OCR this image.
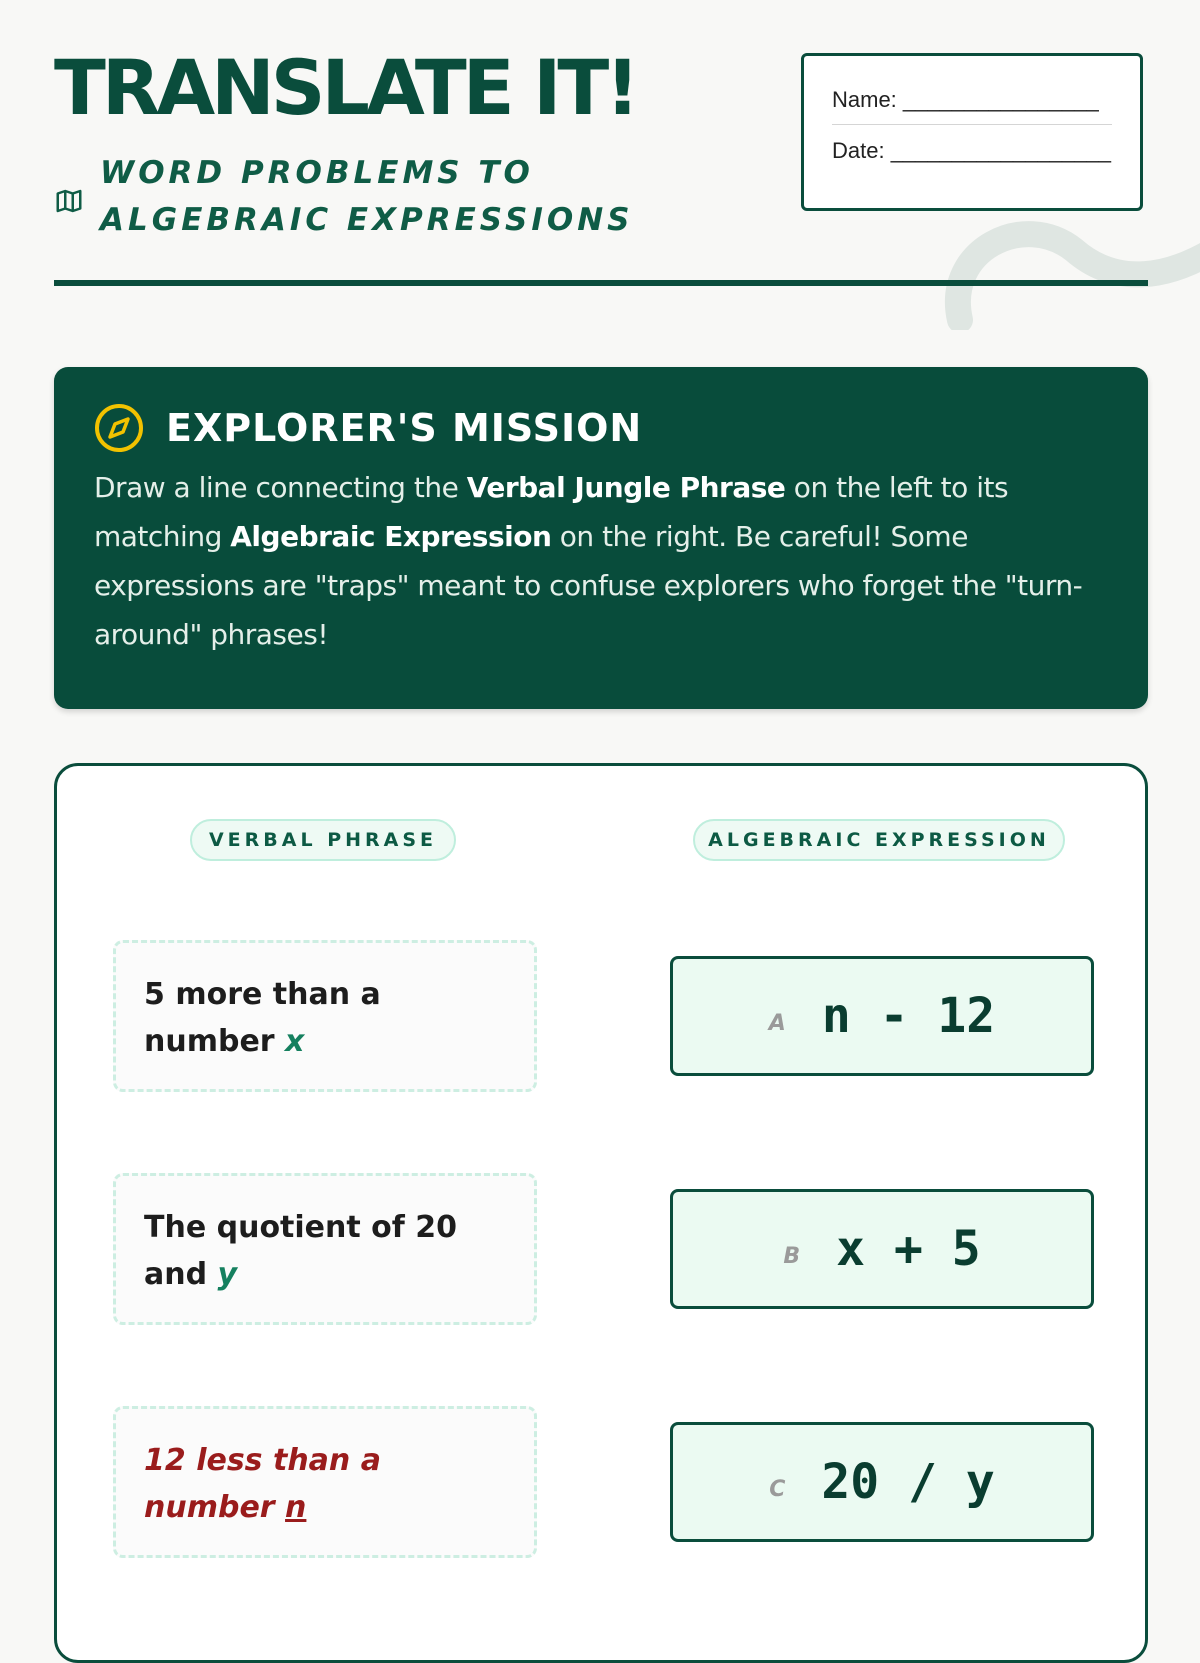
TRANSLATE IT!
WORD PROBLEMS TO ALGEBRAIC EXPRESSIONS
Name: ________________
Date: __________________
EXPLORER'S MISSION
Draw a line connecting the Verbal Jungle Phrase on the left to its matching Algebraic Expression on the right. Be careful! Some expressions are "traps" meant to confuse explorers who forget the "turn-around" phrases!
VERBAL PHRASE	ALGEBRAIC EXPRESSION
5 more than a number x
The quotient of 20 and y
12 less than a number n
A n - 12
B x + 5
C 20 / y
